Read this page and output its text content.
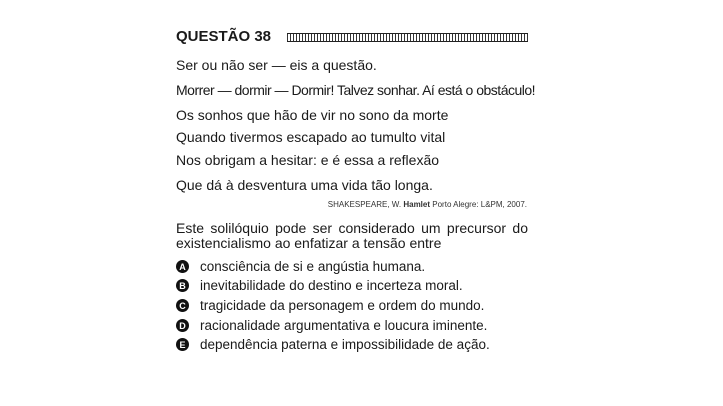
QUESTÃO 38
Ser ou não ser — eis a questão.
Morrer — dormir — Dormir! Talvez sonhar. Aí está o obstáculo!
Os sonhos que hão de vir no sono da morte
Quando tivermos escapado ao tumulto vital
Nos obrigam a hesitar: e é essa a reflexão
Que dá à desventura uma vida tão longa.
SHAKESPEARE, W. Hamlet Porto Alegre: L&PM, 2007.
Este solilóquio pode ser considerado um precursor do existencialismo ao enfatizar a tensão entre
A consciência de si e angústia humana.
B inevitabilidade do destino e incerteza moral.
C tragicidade da personagem e ordem do mundo.
D racionalidade argumentativa e loucura iminente.
E dependência paterna e impossibilidade de ação.
